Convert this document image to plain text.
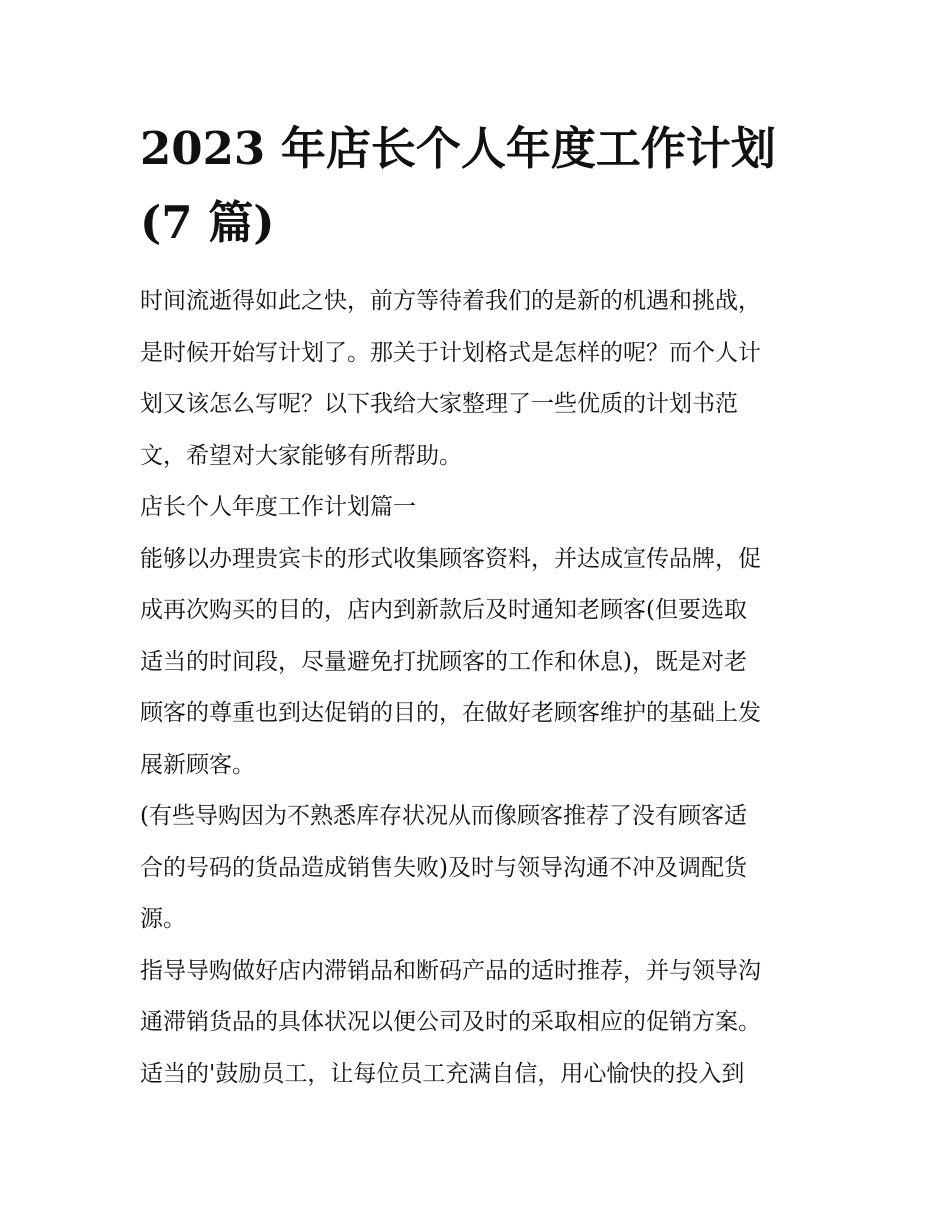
2023 年店长个人年度工作计划
(7 篇)
时间流逝得如此之快，前方等待着我们的是新的机遇和挑战，
是时候开始写计划了。那关于计划格式是怎样的呢？而个人计
划又该怎么写呢？以下我给大家整理了一些优质的计划书范
文，希望对大家能够有所帮助。
店长个人年度工作计划篇一
能够以办理贵宾卡的形式收集顾客资料，并达成宣传品牌，促
成再次购买的目的，店内到新款后及时通知老顾客(但要选取
适当的时间段，尽量避免打扰顾客的工作和休息)，既是对老
顾客的尊重也到达促销的目的，在做好老顾客维护的基础上发
展新顾客。
(有些导购因为不熟悉库存状况从而像顾客推荐了没有顾客适
合的号码的货品造成销售失败)及时与领导沟通不冲及调配货
源。
指导导购做好店内滞销品和断码产品的适时推荐，并与领导沟
通滞销货品的具体状况以便公司及时的采取相应的促销方案。
适当的'鼓励员工，让每位员工充满自信，用心愉快的投入到
